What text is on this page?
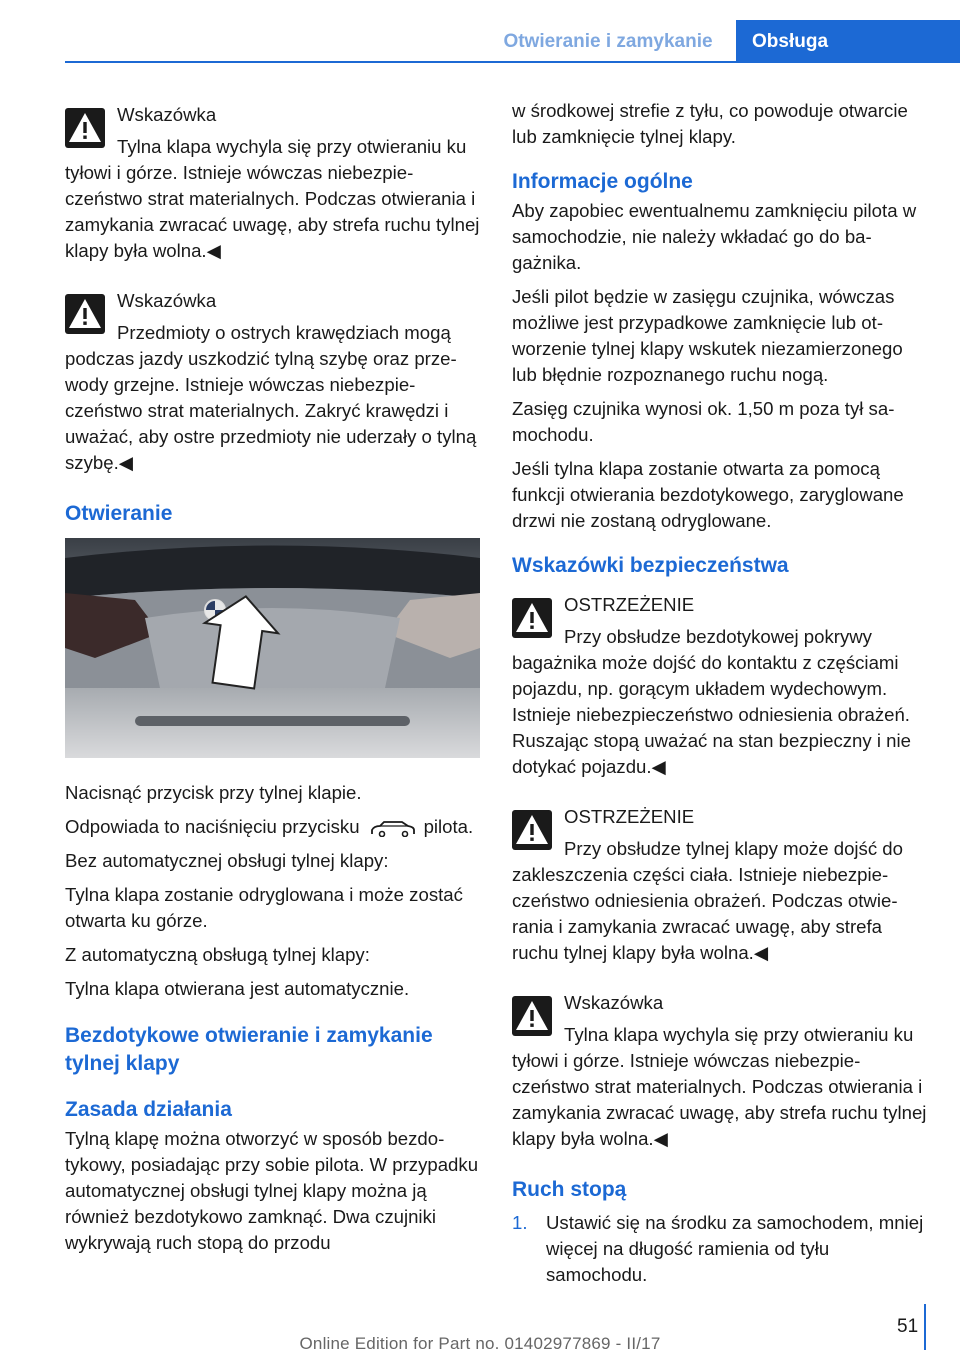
Otwieranie i zamykanie	Obsługa
Wskazówka
Tylna klapa wychyla się przy otwieraniu ku tyłowi i górze. Istnieje wówczas niebezpieczeństwo strat materialnych. Podczas otwierania i zamykania zwracać uwagę, aby strefa ruchu tylnej klapy była wolna.◀
Wskazówka
Przedmioty o ostrych krawędziach mogą podczas jazdy uszkodzić tylną szybę oraz przewody grzejne. Istnieje wówczas niebezpieczeństwo strat materialnych. Zakryć krawędzi i uważać, aby ostre przedmioty nie uderzały o tylną szybę.◀
Otwieranie

Nacisnąć przycisk przy tylnej klapie.

Odpowiada to naciśnięciu przycisku	pilota.

Bez automatycznej obsługi tylnej klapy:

Tylna klapa zostanie odryglowana i może zostać otwarta ku górze.

Z automatyczną obsługą tylnej klapy:

Tylna klapa otwierana jest automatycznie.

Bezdotykowe otwieranie i zamykanie tylnej klapy
Zasada działania

Tylną klapę można otworzyć w sposób bezdotykowy, posiadając przy sobie pilota. W przypadku automatycznej obsługi tylnej klapy można ją również bezdotykowo zamknąć. Dwa czujniki wykrywają ruch stopą do przodu

w środkowej strefie z tyłu, co powoduje otwarcie lub zamknięcie tylnej klapy.

Informacje ogólne

Aby zapobiec ewentualnemu zamknięciu pilota w samochodzie, nie należy wkładać go do bagażnika.

Jeśli pilot będzie w zasięgu czujnika, wówczas możliwe jest przypadkowe zamknięcie lub otworzenie tylnej klapy wskutek niezamierzonego lub błędnie rozpoznanego ruchu nogą.

Zasięg czujnika wynosi ok. 1,50 m poza tył samochodu.

Jeśli tylna klapa zostanie otwarta za pomocą funkcji otwierania bezdotykowego, zaryglowane drzwi nie zostaną odryglowane.

Wskazówki bezpieczeństwa
OSTRZEŻENIE
Przy obsłudze bezdotykowej pokrywy bagażnika może dojść do kontaktu z częściami pojazdu, np. gorącym układem wydechowym. Istnieje niebezpieczeństwo odniesienia obrażeń. Ruszając stopą uważać na stan bezpieczny i nie dotykać pojazdu.◀
OSTRZEŻENIE
Przy obsłudze tylnej klapy może dojść do zakleszczenia części ciała. Istnieje niebezpieczeństwo odniesienia obrażeń. Podczas otwierania i zamykania zwracać uwagę, aby strefa ruchu tylnej klapy była wolna.◀
Wskazówka
Tylna klapa wychyla się przy otwieraniu ku tyłowi i górze. Istnieje wówczas niebezpieczeństwo strat materialnych. Podczas otwierania i zamykania zwracać uwagę, aby strefa ruchu tylnej klapy była wolna.◀
Ruch stopą
1. Ustawić się na środku za samochodem, mniej więcej na długość ramienia od tyłu samochodu.
51
Online Edition for Part no. 01402977869 - II/17
